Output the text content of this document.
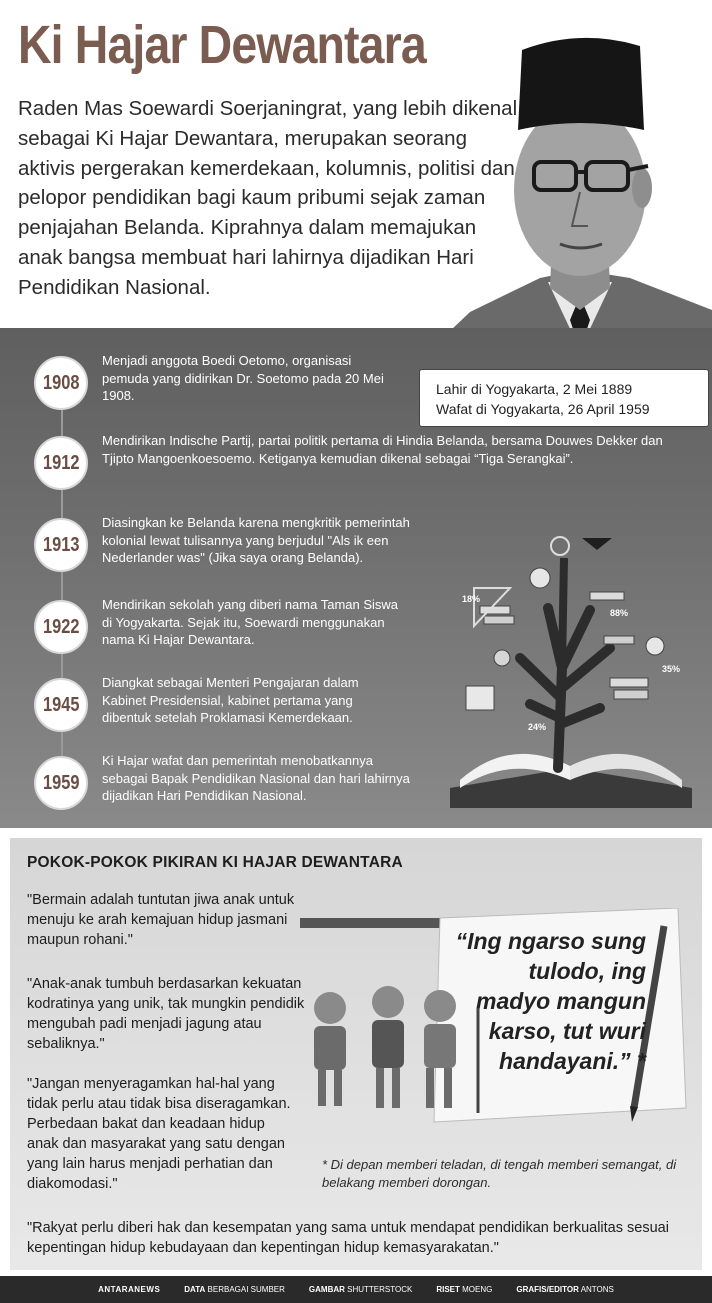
Ki Hajar Dewantara

Raden Mas Soewardi Soerjaningrat, yang lebih dikenal sebagai Ki Hajar Dewantara, merupakan seorang aktivis pergerakan kemerdekaan, kolumnis, politisi dan pelopor pendidikan bagi kaum pribumi sejak zaman penjajahan Belanda. Kiprahnya dalam memajukan anak bangsa membuat hari lahirnya dijadikan Hari Pendidikan Nasional.

1908
Menjadi anggota Boedi Oetomo, organisasi pemuda yang didirikan Dr. Soetomo pada 20 Mei 1908.
1912
Mendirikan Indische Partij, partai politik pertama di Hindia Belanda, bersama Douwes Dekker dan Tjipto Mangoenkoesoemo. Ketiganya kemudian dikenal sebagai “Tiga Serangkai”.
1913
Diasingkan ke Belanda karena mengkritik pemerintah kolonial lewat tulisannya yang berjudul "Als ik een Nederlander was" (Jika saya orang Belanda).
1922
Mendirikan sekolah yang diberi nama Taman Siswa di Yogyakarta. Sejak itu, Soewardi menggunakan nama Ki Hajar Dewantara.
1945
Diangkat sebagai Menteri Pengajaran dalam Kabinet Presidensial, kabinet pertama yang dibentuk setelah Proklamasi Kemerdekaan.
1959
Ki Hajar wafat dan pemerintah menobatkannya sebagai Bapak Pendidikan Nasional dan hari lahirnya dijadikan Hari Pendidikan Nasional.
Lahir di Yogyakarta, 2 Mei 1889
Wafat di Yogyakarta, 26 April 1959
18%
88%
35%
24%
POKOK-POKOK PIKIRAN KI HAJAR DEWANTARA

"Bermain adalah tuntutan jiwa anak untuk menuju ke arah kemajuan hidup jasmani maupun rohani."

"Anak-anak tumbuh berdasarkan kekuatan kodratinya yang unik, tak mungkin pendidik mengubah padi menjadi jagung atau sebaliknya."

"Jangan menyeragamkan hal-hal yang tidak perlu atau tidak bisa diseragamkan. Perbedaan bakat dan keadaan hidup anak dan masyarakat yang satu dengan yang lain harus menjadi perhatian dan diakomodasi."

“Ing ngarso sung tulodo, ing madyo mangun karso, tut wuri handayani.” *

* Di depan memberi teladan, di tengah memberi semangat, di belakang memberi dorongan.

"Rakyat perlu diberi hak dan kesempatan yang sama untuk mendapat pendidikan berkualitas sesuai kepentingan hidup kebudayaan dan kepentingan hidup kemasyarakatan."

ANTARANEWS	DATA BERBAGAI SUMBER	GAMBAR SHUTTERSTOCK	RISET MOENG	GRAFIS/EDITOR ANTONS
